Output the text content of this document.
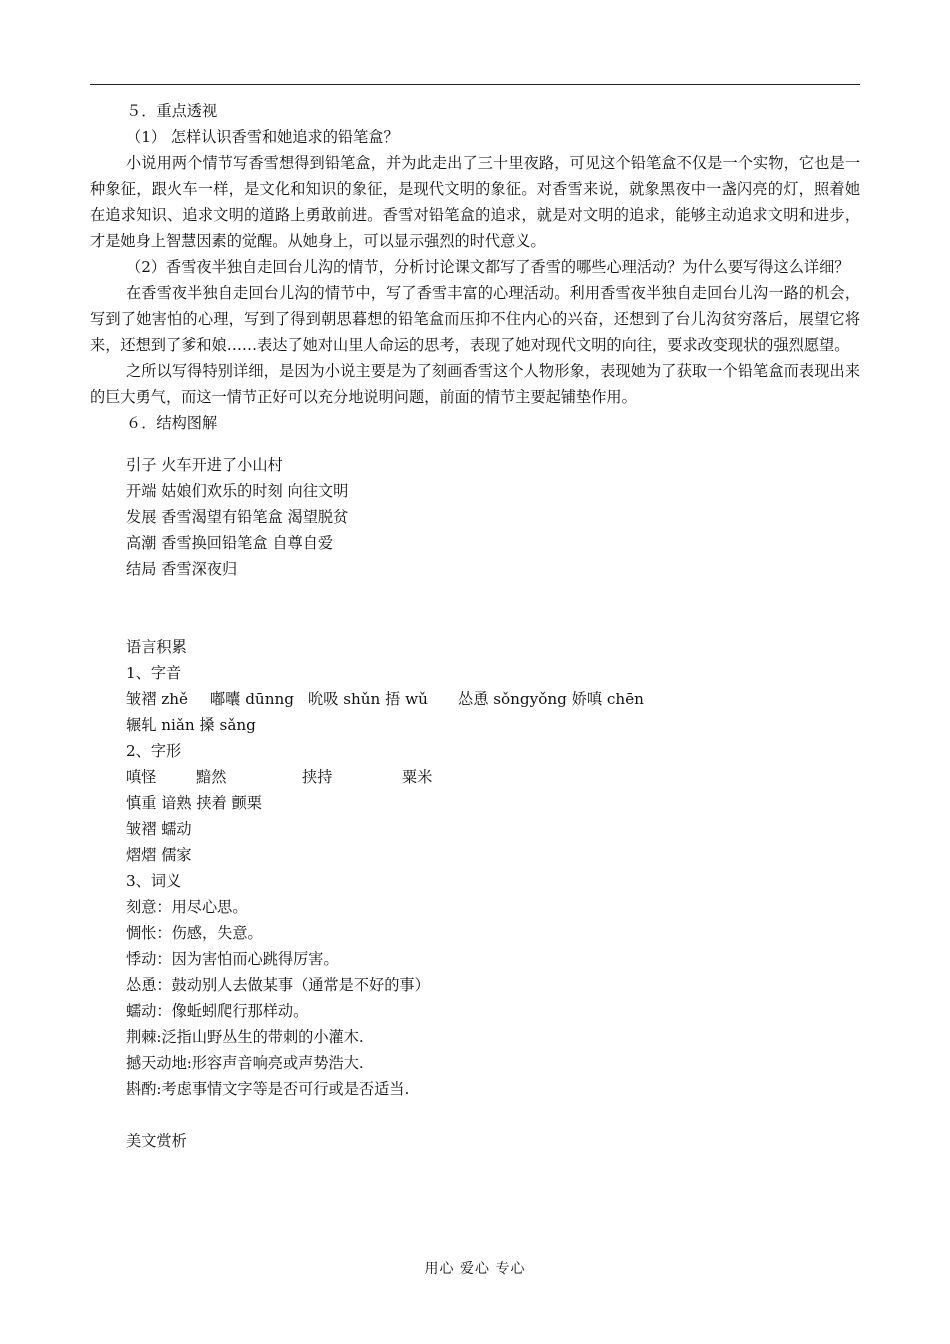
５．重点透视

（1） 怎样认识香雪和她追求的铅笔盒？

小说用两个情节写香雪想得到铅笔盒，并为此走出了三十里夜路，可见这个铅笔盒不仅是一个实物，它也是一种象征，跟火车一样，是文化和知识的象征，是现代文明的象征。对香雪来说，就象黑夜中一盏闪亮的灯，照着她在追求知识、追求文明的道路上勇敢前进。香雪对铅笔盒的追求，就是对文明的追求，能够主动追求文明和进步，才是她身上智慧因素的觉醒。从她身上，可以显示强烈的时代意义。

（2）香雪夜半独自走回台儿沟的情节，分析讨论课文都写了香雪的哪些心理活动？为什么要写得这么详细？

在香雪夜半独自走回台儿沟的情节中，写了香雪丰富的心理活动。利用香雪夜半独自走回台儿沟一路的机会，写到了她害怕的心理，写到了得到朝思暮想的铅笔盒而压抑不住内心的兴奋，还想到了台儿沟贫穷落后，展望它将来，还想到了爹和娘……表达了她对山里人命运的思考，表现了她对现代文明的向往，要求改变现状的强烈愿望。

之所以写得特别详细，是因为小说主要是为了刻画香雪这个人物形象，表现她为了获取一个铅笔盒而表现出来的巨大勇气，而这一情节正好可以充分地说明问题，前面的情节主要起铺垫作用。

６．结构图解

引子 火车开进了小山村

开端 姑娘们欢乐的时刻 向往文明

发展 香雪渴望有铅笔盒 渴望脱贫

高潮 香雪换回铅笔盒 自尊自爱

结局 香雪深夜归

语言积累

1、字音

皱褶 zhě	嘟囔 dūnng 吮吸 shǔn 捂 wǔ	怂恿 sǒngyǒng 娇嗔 chēn

辗轧 niǎn 搡 sǎng

2、字形

嗔怪	黯然	挟持	粟米

慎重 谙熟 挟着 颤栗

皱褶 蠕动

熠熠 儒家

3、词义

刻意：用尽心思。

惆怅：伤感，失意。

悸动：因为害怕而心跳得厉害。

怂恿：鼓动别人去做某事（通常是不好的事）

蠕动：像蚯蚓爬行那样动。

荆棘:泛指山野丛生的带刺的小灌木.

撼天动地:形容声音响亮或声势浩大.

斟酌:考虑事情文字等是否可行或是否适当.

美文赏析

用心 爱心 专心
